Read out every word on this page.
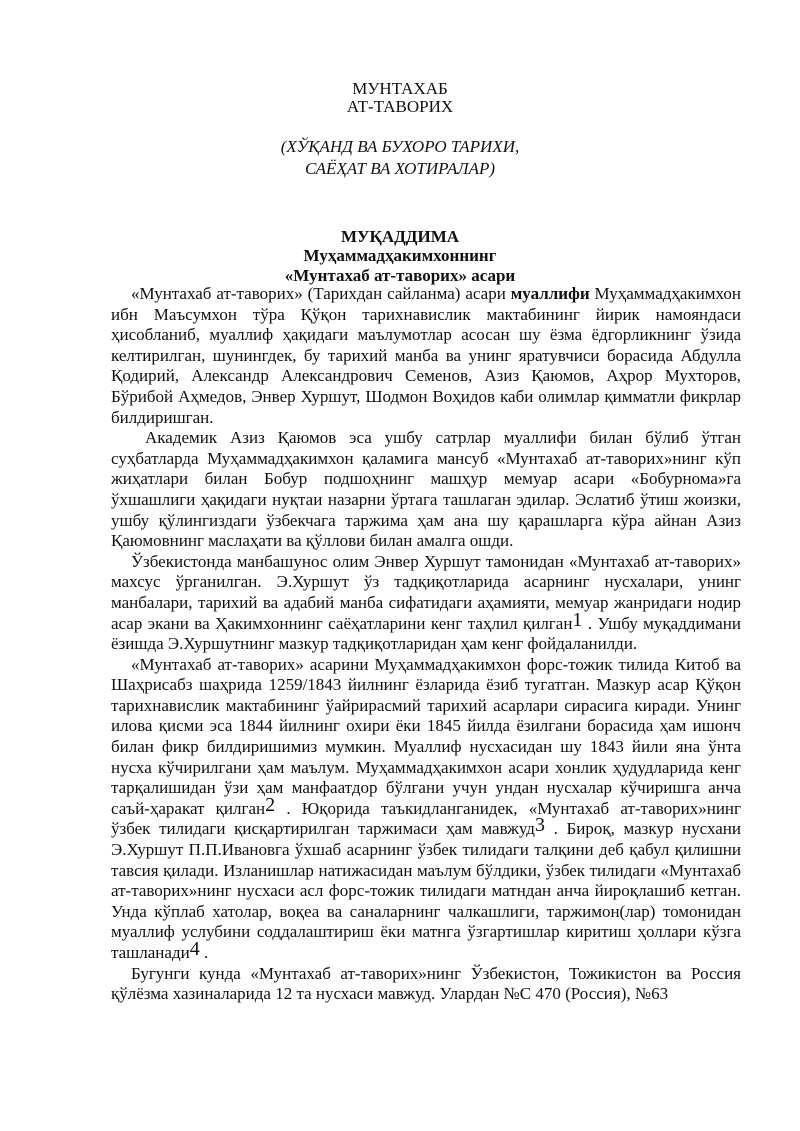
МУНТАХАБ
АТ-ТАВОРИХ
(ХЎҚАНД ВА БУХОРО ТАРИХИ,
САЁҲАТ ВА ХОТИРАЛАР)
МУҚАДДИМА
Муҳаммадҳакимхоннинг
«Мунтахаб ат-таворих» асари

«Мунтахаб ат-таворих» (Тарихдан сайланма) асари муаллифи Муҳаммадҳакимхон ибн Маъсумхон тўра Қўқон тарихнавислик мактабининг йирик намояндаси ҳисобланиб, муаллиф ҳақидаги маълумотлар асосан шу ёзма ёдгорликнинг ўзида келтирилган, шунингдек, бу тарихий манба ва унинг яратувчиси борасида Абдулла Қодирий, Александр Александрович Семенов, Азиз Қаюмов, Аҳрор Мухторов, Бўрибой Аҳмедов, Энвер Хуршут, Шодмон Воҳидов каби олимлар қимматли фикрлар билдиришган.

Академик Азиз Қаюмов эса ушбу сатрлар муаллифи билан бўлиб ўтган суҳбатларда Муҳаммадҳакимхон қаламига мансуб «Мунтахаб ат-таворих»нинг кўп жиҳатлари билан Бобур подшоҳнинг машҳур мемуар асари «Бобурнома»га ўхшашлиги ҳақидаги нуқтаи назарни ўртага ташлаган эдилар. Эслатиб ўтиш жоизки, ушбу қўлингиздаги ўзбекчага таржима ҳам ана шу қарашларга кўра айнан Азиз Қаюмовнинг маслаҳати ва қўллови билан амалга ошди.

Ўзбекистонда манбашунос олим Энвер Хуршут тамонидан «Мунтахаб ат-таворих» махсус ўрганилган. Э.Хуршут ўз тадқиқотларида асарнинг нусхалари, унинг манбалари, тарихий ва адабий манба сифатидаги аҳамияти, мемуар жанридаги нодир асар экани ва Ҳакимхоннинг саёҳатларини кенг таҳлил қилган$^1$ . Ушбу муқаддимани ёзишда Э.Хуршутнинг мазкур тадқиқотларидан ҳам кенг фойдаланилди.

«Мунтахаб ат-таворих» асарини Муҳаммадҳакимхон форс-тожик тилида Китоб ва Шаҳрисабз шаҳрида 1259/1843 йилнинг ёзларида ёзиб тугатган. Мазкур асар Қўқон тарихнавислик мактабининг ўайрирасмий тарихий асарлари сирасига киради. Унинг илова қисми эса 1844 йилнинг охири ёки 1845 йилда ёзилгани борасида ҳам ишонч билан фикр билдиришимиз мумкин. Муаллиф нусхасидан шу 1843 йили яна ўнта нусха кўчирилгани ҳам маълум. Муҳаммадҳакимхон асари хонлик ҳудудларида кенг тарқалишидан ўзи ҳам манфаатдор бўлгани учун ундан нусхалар кўчиришга анча саъй-ҳаракат қилган$^2$ . Юқорида таъкидланганидек, «Мунтахаб ат-таворих»нинг ўзбек тилидаги қисқартирилган таржимаси ҳам мавжуд$^3$ . Бироқ, мазкур нусхани Э.Хуршут П.П.Ивановга ўхшаб асарнинг ўзбек тилидаги талқини деб қабул қилишни тавсия қилади. Изланишлар натижасидан маълум бўлдики, ўзбек тилидаги «Мунтахаб ат-таворих»нинг нусхаси асл форс-тожик тилидаги матндан анча йироқлашиб кетган. Унда кўплаб хатолар, воқеа ва саналарнинг чалкашлиги, таржимон(лар) томонидан муаллиф услубини соддалаштириш ёки матнга ўзгартишлар киритиш ҳоллари кўзга ташланади$^4$ .

Бугунги кунда «Мунтахаб ат-таворих»нинг Ўзбекистон, Тожикистон ва Россия қўлёзма хазиналарида 12 та нусхаси мавжуд. Улардан №С 470 (Россия), №63
